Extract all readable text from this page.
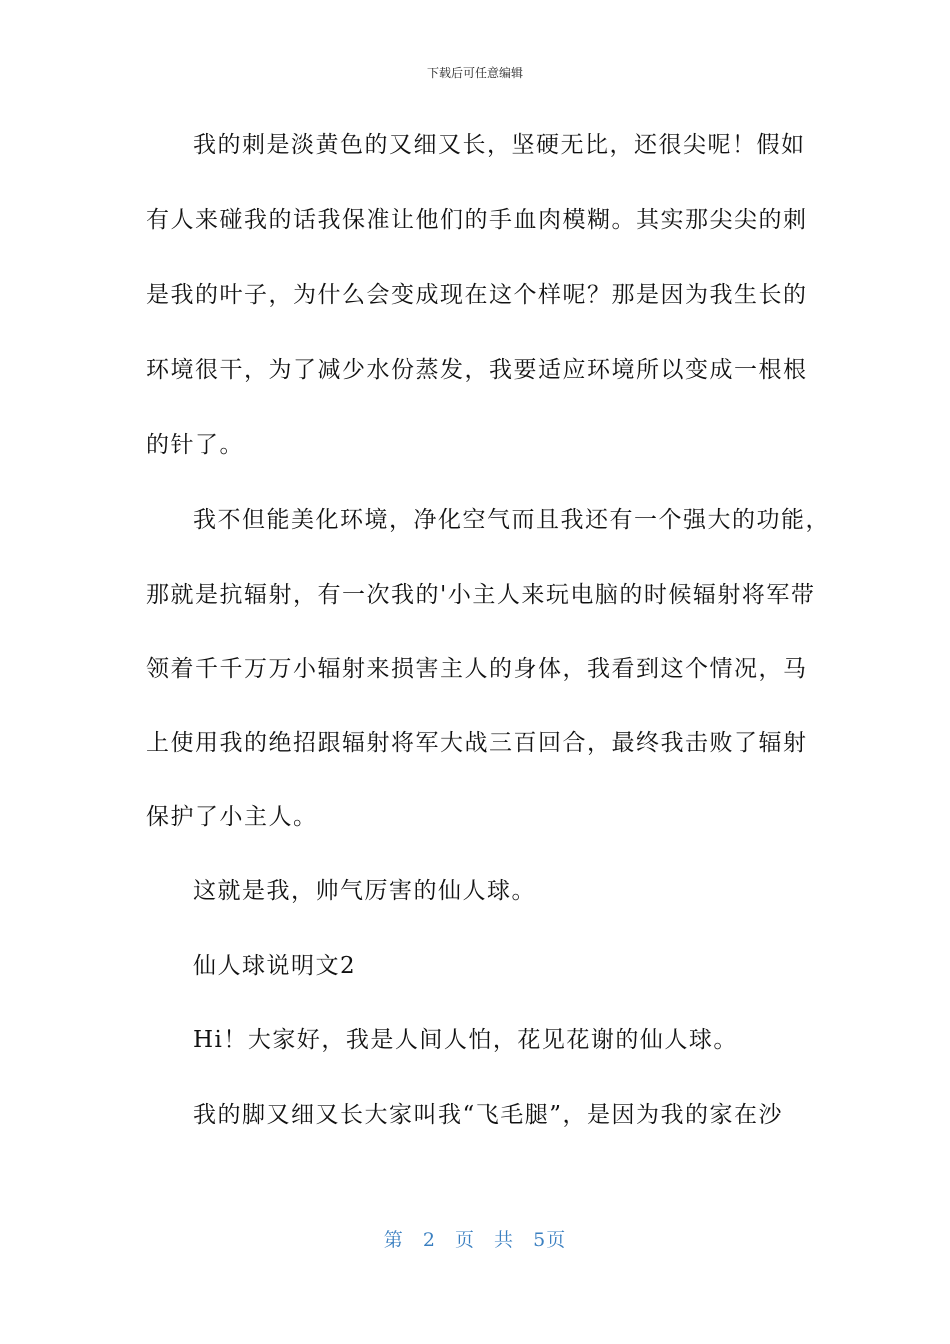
下载后可任意编辑
我的刺是淡黄色的又细又长，坚硬无比，还很尖呢！假如
有人来碰我的话我保准让他们的手血肉模糊。其实那尖尖的刺
是我的叶子，为什么会变成现在这个样呢？那是因为我生长的
环境很干，为了减少水份蒸发，我要适应环境所以变成一根根
的针了。
我不但能美化环境，净化空气而且我还有一个强大的功能，
那就是抗辐射，有一次我的'小主人来玩电脑的时候辐射将军带
领着千千万万小辐射来损害主人的身体，我看到这个情况，马
上使用我的绝招跟辐射将军大战三百回合，最终我击败了辐射
保护了小主人。
这就是我，帅气厉害的仙人球。
仙人球说明文2
Hi！大家好，我是人间人怕，花见花谢的仙人球。
我的脚又细又长大家叫我“飞毛腿”，是因为我的家在沙
第 2 页 共 5页
